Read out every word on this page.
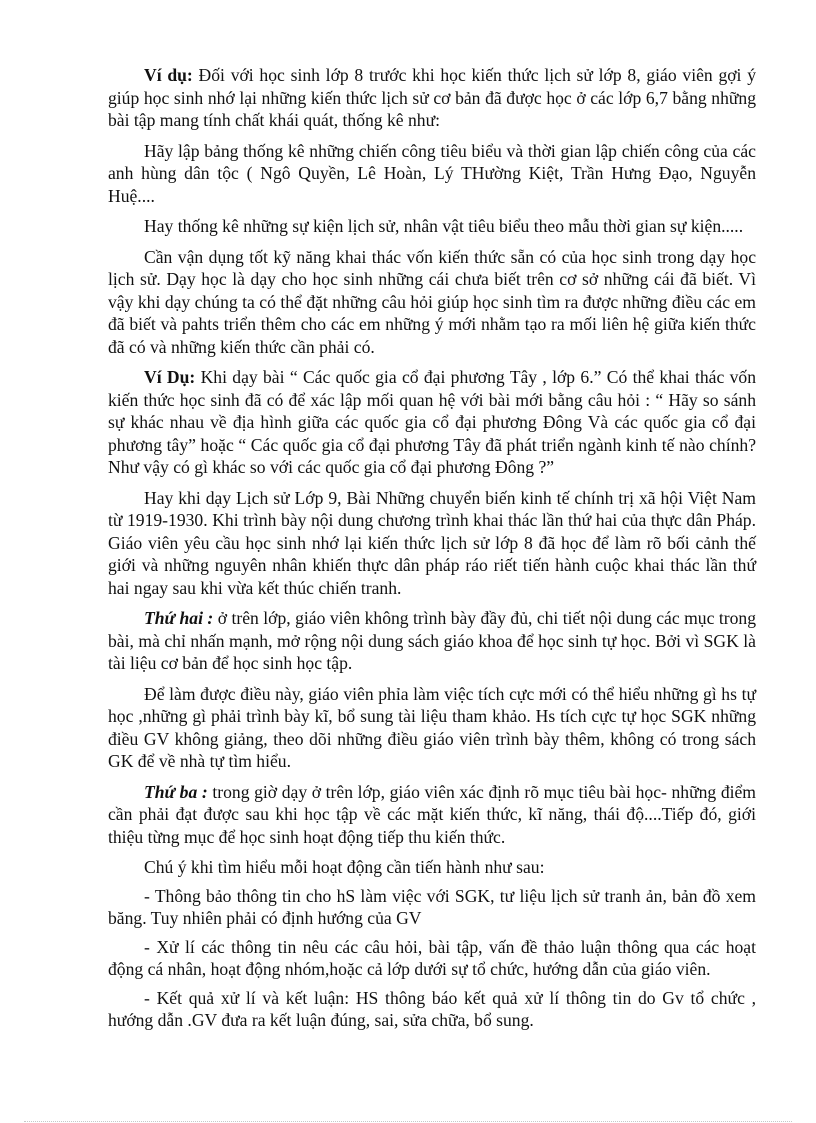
Ví dụ: Đối với học sinh lớp 8 trước khi học kiến thức lịch sử lớp 8, giáo viên gợi ý giúp học sinh nhớ lại những kiến thức lịch sử cơ bản đã được học ở các lớp 6,7 bằng những bài tập mang tính chất khái quát, thống kê như:

Hãy lập bảng thống kê những chiến công tiêu biểu và thời gian lập chiến công của các anh hùng dân tộc ( Ngô Quyền, Lê Hoàn, Lý THường Kiệt, Trần Hưng Đạo, Nguyễn Huệ....

Hay thống kê những sự kiện lịch sử, nhân vật tiêu biểu theo mẫu thời gian sự kiện.....

Cần vận dụng tốt kỹ năng khai thác vốn kiến thức sẵn có của học sinh trong dạy học lịch sử. Dạy học là dạy cho học sinh những cái chưa biết trên cơ sở những cái đã biết. Vì vậy khi dạy chúng ta có thể đặt những câu hỏi giúp học sinh tìm ra được những điều các em đã biết và pahts triển thêm cho các em những ý mới nhằm tạo ra mối liên hệ giữa kiến thức đã có và những kiến thức cần phải có.

Ví Dụ: Khi dạy bài “ Các quốc gia cổ đại phương Tây , lớp 6.” Có thể khai thác vốn kiến thức học sinh đã có để xác lập mối quan hệ với bài mới bằng câu hỏi : “ Hãy so sánh sự khác nhau về địa hình giữa các quốc gia cổ đại phương Đông Và các quốc gia cổ đại phương tây” hoặc “ Các quốc gia cổ đại phương Tây đã phát triển ngành kinh tế nào chính? Như vậy có gì khác so với các quốc gia cổ đại phương Đông ?”

Hay khi dạy Lịch sử Lớp 9, Bài Những chuyển biến kinh tế chính trị xã hội Việt Nam từ 1919-1930. Khi trình bày nội dung chương trình khai thác lần thứ hai của thực dân Pháp. Giáo viên yêu cầu học sinh nhớ lại kiến thức lịch sử lớp 8 đã học để làm rõ bối cảnh thế giới và những nguyên nhân khiến thực dân pháp ráo riết tiến hành cuộc khai thác lần thứ hai ngay sau khi vừa kết thúc chiến tranh.

Thứ hai : ở trên lớp, giáo viên không trình bày đầy đủ, chi tiết nội dung các mục trong bài, mà chỉ nhấn mạnh, mở rộng nội dung sách giáo khoa để học sinh tự học. Bởi vì SGK là tài liệu cơ bản để học sinh học tập.

Để làm được điều này, giáo viên phỉa làm việc tích cực mới có thể hiểu những gì hs tự học ,những gì phải trình bày kĩ, bổ sung tài liệu tham khảo. Hs tích cực tự học SGK những điều GV không giảng, theo dõi những điều giáo viên trình bày thêm, không có trong sách GK để về nhà tự tìm hiểu.

Thứ ba : trong giờ dạy ở trên lớp, giáo viên xác định rõ mục tiêu bài học- những điểm cần phải đạt được sau khi học tập về các mặt kiến thức, kĩ năng, thái độ....Tiếp đó, giới thiệu từng mục để học sinh hoạt động tiếp thu kiến thức.

Chú ý khi tìm hiểu mỗi hoạt động cần tiến hành như sau:

- Thông bảo thông tin cho hS làm việc với SGK, tư liệu lịch sử tranh ản, bản đồ xem băng. Tuy nhiên phải có định hướng của GV

- Xử lí các thông tin nêu các câu hỏi, bài tập, vấn đề thảo luận thông qua các hoạt động cá nhân, hoạt động nhóm,hoặc cả lớp dưới sự tổ chức, hướng dẫn của giáo viên.

- Kết quả xử lí và kết luận: HS thông báo kết quả xử lí thông tin do Gv tổ chức , hướng dẫn .GV đưa ra kết luận đúng, sai, sửa chữa, bổ sung.
